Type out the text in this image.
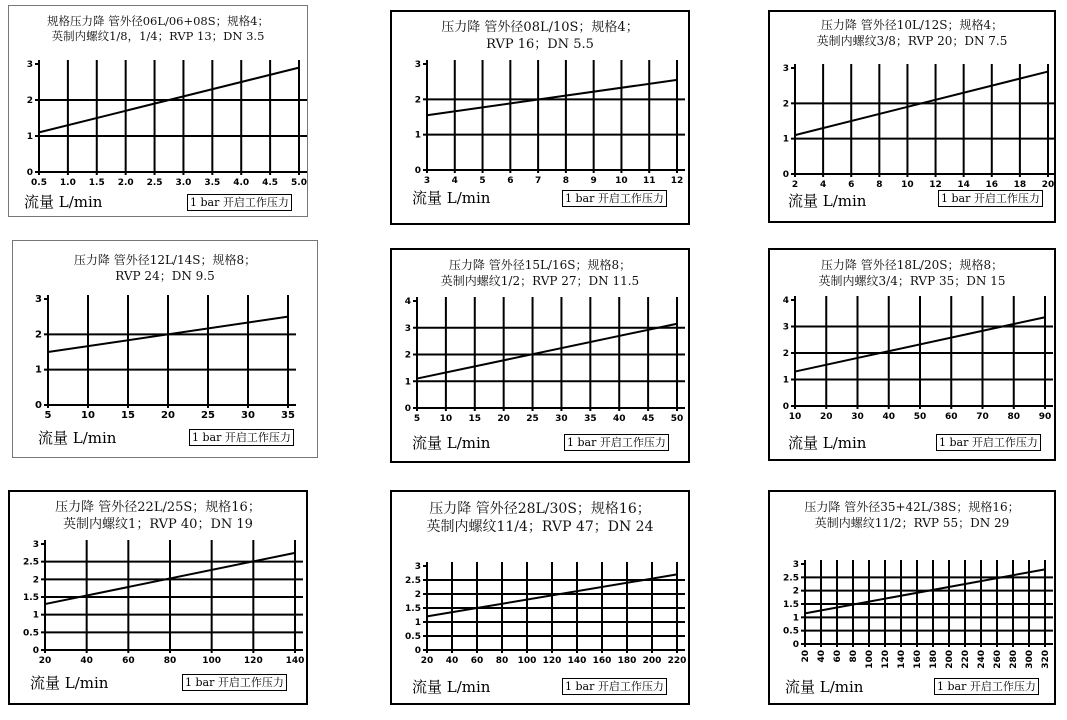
规格压力降 管外径06L/06+08S；规格4；
英制内螺纹1/8，1/4；RVP 13；DN 3.5
0
1
2
3
0.5 1.0 1.5 2.0 2.5 3.0 3.5 4.0 4.5 5.0
流量 L/min	1 bar 开启工作压力
压力降 管外径08L/10S；规格4；
RVP 16；DN 5.5
0
1
2
3
3 4 5 6 7 8 9 10 11 12
流量 L/min	1 bar 开启工作压力
压力降 管外径10L/12S；规格4；
英制内螺纹3/8；RVP 20；DN 7.5
0
1
2
3
2 4 6 8 10 12 14 16 18 20
流量 L/min	1 bar 开启工作压力
压力降 管外径12L/14S；规格8；
RVP 24；DN 9.5
0
1
2
3
5	10	15	20	25	30	35
流量 L/min	1 bar 开启工作压力
压力降 管外径15L/16S；规格8；
英制内螺纹1/2；RVP 27；DN 11.5
0
1
2
3
4
5 10 15 20 25 30 35 40 45 50
流量 L/min	1 bar 开启工作压力
压力降 管外径18L/20S；规格8；
英制内螺纹3/4；RVP 35；DN 15
0
1
2
3
4
10 20 30 40 50 60 70 80 90
流量 L/min	1 bar 开启工作压力
压力降 管外径22L/25S；规格16；
英制内螺纹1；RVP 40；DN 19
0
0.5
1
1.5
2
2.5
3
20	40	60	80	100	120	140
流量 L/min	1 bar 开启工作压力
压力降 管外径28L/30S；规格16；
英制内螺纹11/4；RVP 47；DN 24
0
0.5
1
1.5
2
2.5
3
20 40 60 80 100 120 140 160 180 200 220
流量 L/min	1 bar 开启工作压力
压力降 管外径35+42L/38S；规格16；
英制内螺纹11/2；RVP 55；DN 29
0
0.5
1
1.5
2
2.5
3
20 40 60 80 100 120 140 160 180 200 220 240 260 280 300 320
流量 L/min	1 bar 开启工作压力
